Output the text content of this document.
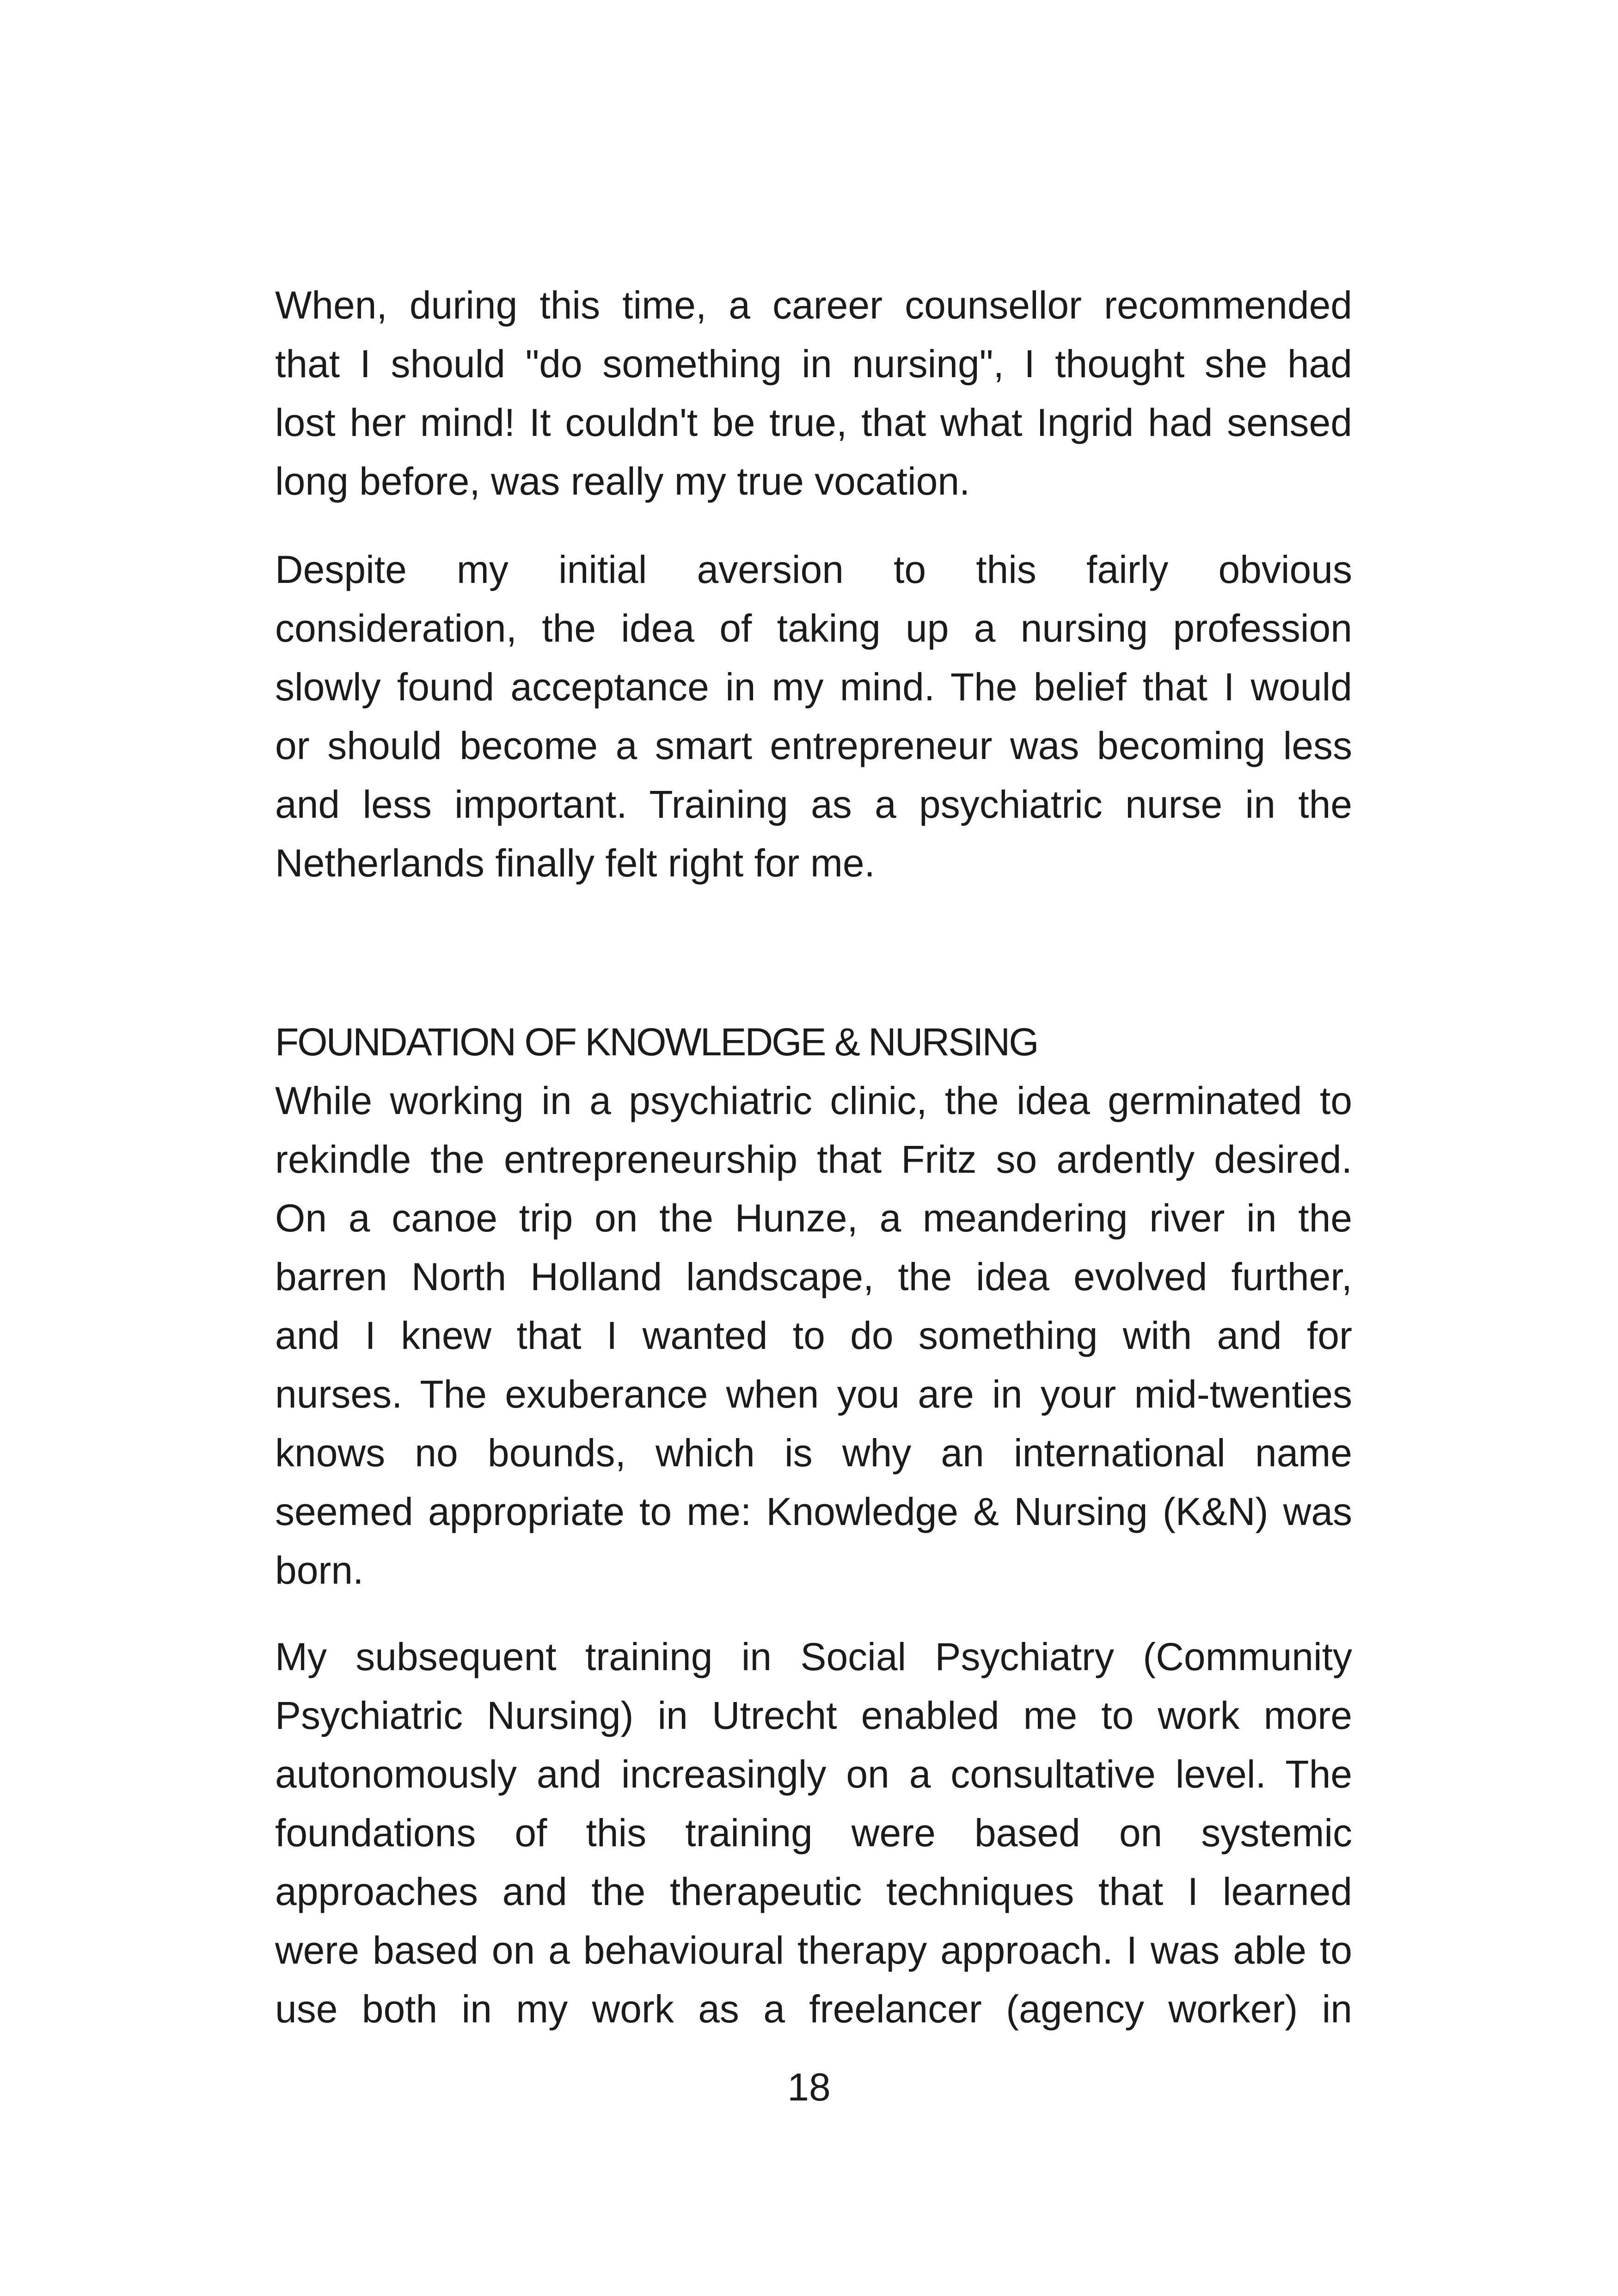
When, during this time, a career counsellor recommended
that I should "do something in nursing", I thought she had
lost her mind! It couldn't be true, that what Ingrid had sensed
long before, was really my true vocation.
Despite my initial aversion to this fairly obvious
consideration, the idea of taking up a nursing profession
slowly found acceptance in my mind. The belief that I would
or should become a smart entrepreneur was becoming less
and less important. Training as a psychiatric nurse in the
Netherlands finally felt right for me.
FOUNDATION OF KNOWLEDGE & NURSING
While working in a psychiatric clinic, the idea germinated to
rekindle the entrepreneurship that Fritz so ardently desired.
On a canoe trip on the Hunze, a meandering river in the
barren North Holland landscape, the idea evolved further,
and I knew that I wanted to do something with and for
nurses. The exuberance when you are in your mid-twenties
knows no bounds, which is why an international name
seemed appropriate to me: Knowledge & Nursing (K&N) was
born.
My subsequent training in Social Psychiatry (Community
Psychiatric Nursing) in Utrecht enabled me to work more
autonomously and increasingly on a consultative level. The
foundations of this training were based on systemic
approaches and the therapeutic techniques that I learned
were based on a behavioural therapy approach. I was able to
use both in my work as a freelancer (agency worker) in

18
